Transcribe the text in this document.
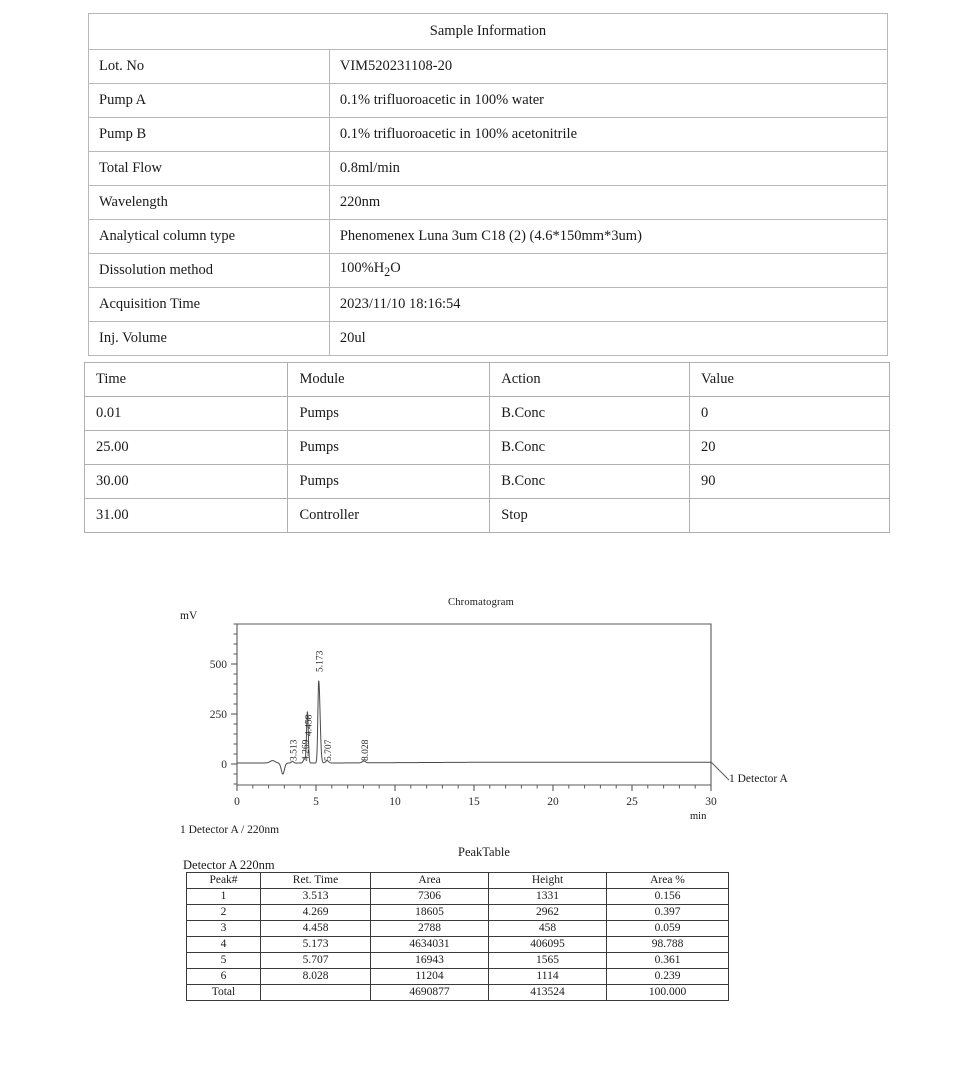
Sample Information	
Lot. No	VIM520231108-20
Pump A	0.1% trifluoroacetic in 100% water
Pump B	0.1% trifluoroacetic in 100% acetonitrile
Total Flow	0.8ml/min
Wavelength	220nm
Analytical column type	Phenomenex Luna 3um C18 (2) (4.6*150mm*3um)
Dissolution method	$100\%H_2O$
Acquisition Time	2023/11/10 18:16:54
Inj. Volume	20ul
Time	Module	Action	Value
0.01	Pumps	B.Conc	0
25.00	Pumps	B.Conc	20
30.00	Pumps	B.Conc	90
31.00	Controller	Stop	
Chromatogram
mV
min
1 Detector A
1 Detector A / 220nm
0	5	10	15	20	25	30
0
250
500
3.513 4.269
4.458
5.173
5.707	8.028
PeakTable
Detector A 220nm
Peak#	Ret. Time	Area	Height	Area %
1	3.513	7306	1331	0.156
2	4.269	18605	2962	0.397
3	4.458	2788	458	0.059
4	5.173	4634031	406095	98.788
5	5.707	16943	1565	0.361
6	8.028	11204	1114	0.239
Total		4690877	413524	100.000
